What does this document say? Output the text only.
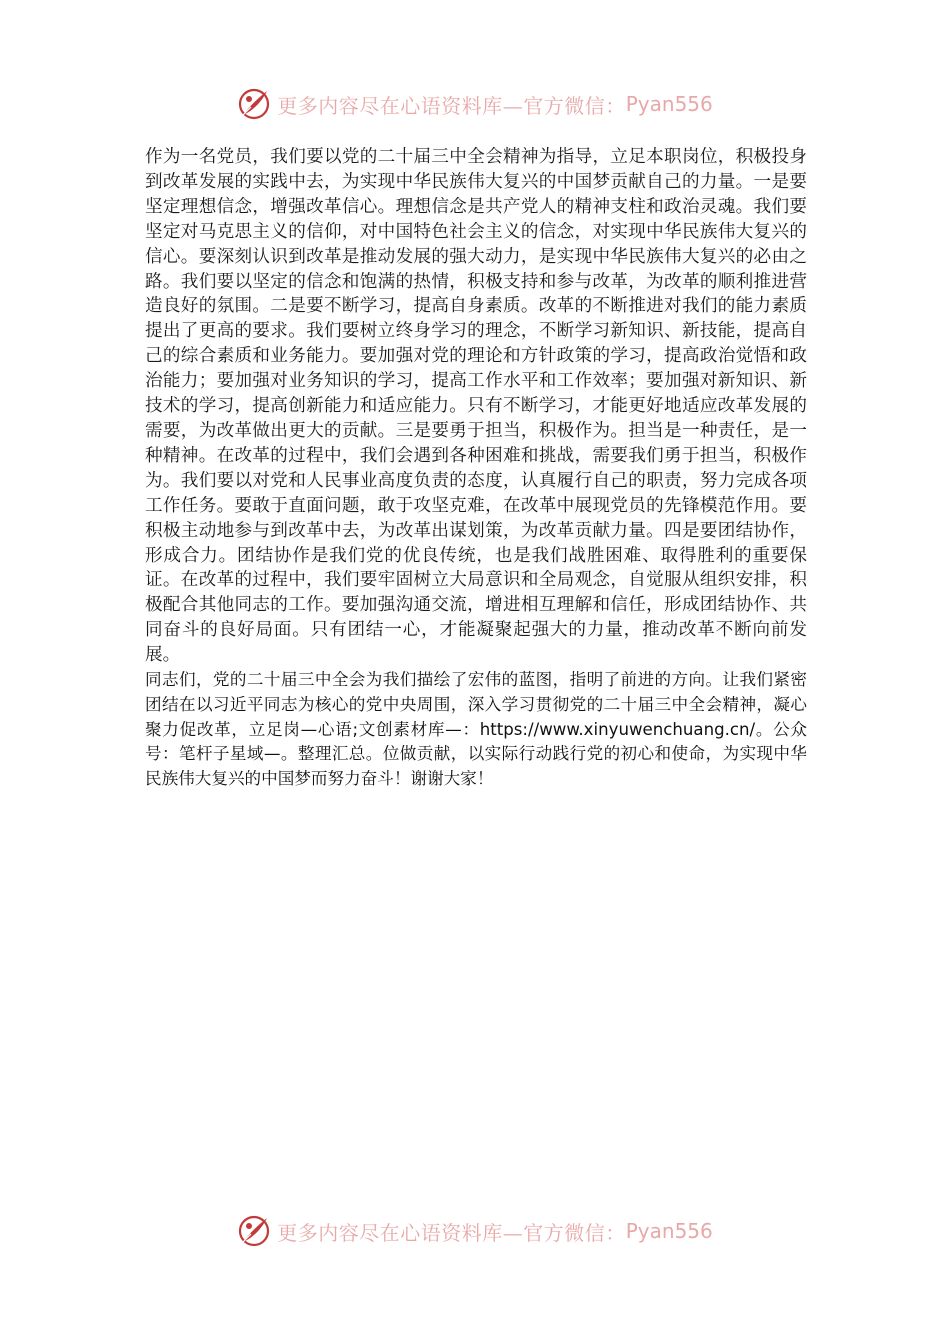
更多内容尽在心语资料库—官方微信： Pyan556

作为一名党员，我们要以党的二十届三中全会精神为指导，立足本职岗位，积极投身到改革发展的实践中去，为实现中华民族伟大复兴的中国梦贡献自己的力量。一是要坚定理想信念，增强改革信心。理想信念是共产党人的精神支柱和政治灵魂。我们要坚定对马克思主义的信仰，对中国特色社会主义的信念，对实现中华民族伟大复兴的信心。要深刻认识到改革是推动发展的强大动力，是实现中华民族伟大复兴的必由之路。我们要以坚定的信念和饱满的热情，积极支持和参与改革，为改革的顺利推进营造良好的氛围。二是要不断学习，提高自身素质。改革的不断推进对我们的能力素质提出了更高的要求。我们要树立终身学习的理念，不断学习新知识、新技能，提高自己的综合素质和业务能力。要加强对党的理论和方针政策的学习，提高政治觉悟和政治能力；要加强对业务知识的学习，提高工作水平和工作效率；要加强对新知识、新技术的学习，提高创新能力和适应能力。只有不断学习，才能更好地适应改革发展的需要，为改革做出更大的贡献。三是要勇于担当，积极作为。担当是一种责任，是一种精神。在改革的过程中，我们会遇到各种困难和挑战，需要我们勇于担当，积极作为。我们要以对党和人民事业高度负责的态度，认真履行自己的职责，努力完成各项工作任务。要敢于直面问题，敢于攻坚克难，在改革中展现党员的先锋模范作用。要积极主动地参与到改革中去，为改革出谋划策，为改革贡献力量。四是要团结协作，形成合力。团结协作是我们党的优良传统，也是我们战胜困难、取得胜利的重要保证。在改革的过程中，我们要牢固树立大局意识和全局观念，自觉服从组织安排，积极配合其他同志的工作。要加强沟通交流，增进相互理解和信任，形成团结协作、共同奋斗的良好局面。只有团结一心，才能凝聚起强大的力量，推动改革不断向前发展。

同志们，党的二十届三中全会为我们描绘了宏伟的蓝图，指明了前进的方向。让我们紧密团结在以习近平同志为核心的党中央周围，深入学习贯彻党的二十届三中全会精神，凝心聚力促改革，立足岗—心语;文创素材库—：https://www.xinyuwenchuang.cn/。公众号：笔杆子星域—。整理汇总。位做贡献，以实际行动践行党的初心和使命，为实现中华民族伟大复兴的中国梦而努力奋斗！谢谢大家！

更多内容尽在心语资料库—官方微信： Pyan556
